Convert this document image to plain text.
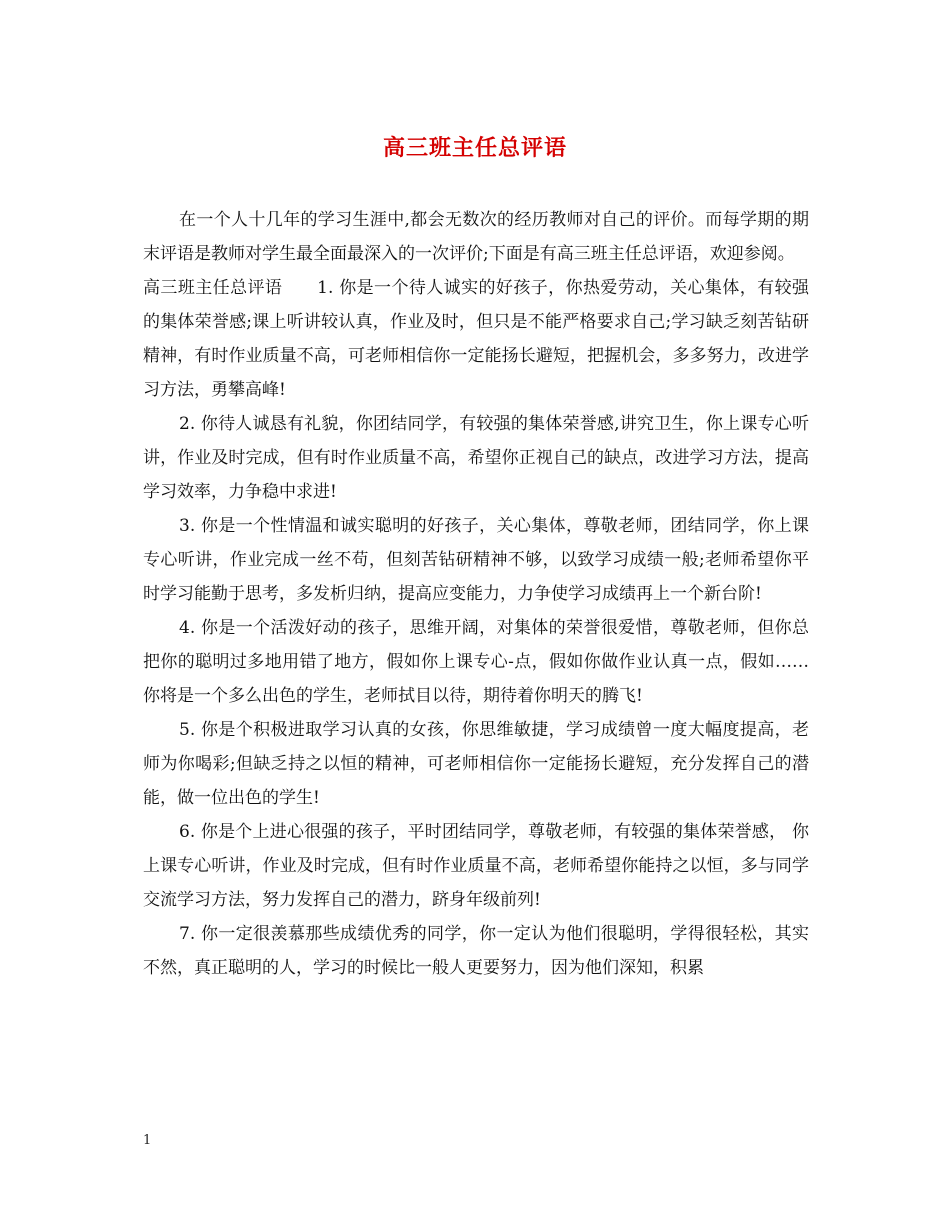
高三班主任总评语

在一个人十几年的学习生涯中,都会无数次的经历教师对自己的评价。而每学期的期末评语是教师对学生最全面最深入的一次评价;下面是有高三班主任总评语，欢迎参阅。

高三班主任总评语　　1. 你是一个待人诚实的好孩子，你热爱劳动，关心集体，有较强的集体荣誉感;课上听讲较认真，作业及时，但只是不能严格要求自己;学习缺乏刻苦钻研精神，有时作业质量不高，可老师相信你一定能扬长避短，把握机会，多多努力，改进学习方法，勇攀高峰!

2. 你待人诚恳有礼貌，你团结同学，有较强的集体荣誉感,讲究卫生，你上课专心听讲，作业及时完成，但有时作业质量不高，希望你正视自己的缺点，改进学习方法，提高学习效率，力争稳中求进!

3. 你是一个性情温和诚实聪明的好孩子，关心集体，尊敬老师，团结同学，你上课专心听讲，作业完成一丝不苟，但刻苦钻研精神不够，以致学习成绩一般;老师希望你平时学习能勤于思考，多发析归纳，提高应变能力，力争使学习成绩再上一个新台阶!

4. 你是一个活泼好动的孩子，思维开阔，对集体的荣誉很爱惜，尊敬老师，但你总把你的聪明过多地用错了地方，假如你上课专心-点，假如你做作业认真一点，假如……你将是一个多么出色的学生，老师拭目以待，期待着你明天的腾飞!

5. 你是个积极进取学习认真的女孩，你思维敏捷，学习成绩曾一度大幅度提高，老师为你喝彩;但缺乏持之以恒的精神，可老师相信你一定能扬长避短，充分发挥自己的潜能，做一位出色的学生!

6. 你是个上进心很强的孩子，平时团结同学，尊敬老师，有较强的集体荣誉感， 你上课专心听讲，作业及时完成，但有时作业质量不高，老师希望你能持之以恒，多与同学交流学习方法，努力发挥自己的潜力，跻身年级前列!

7. 你一定很羡慕那些成绩优秀的同学，你一定认为他们很聪明，学得很轻松，其实不然，真正聪明的人，学习的时候比一般人更要努力，因为他们深知，积累

1
